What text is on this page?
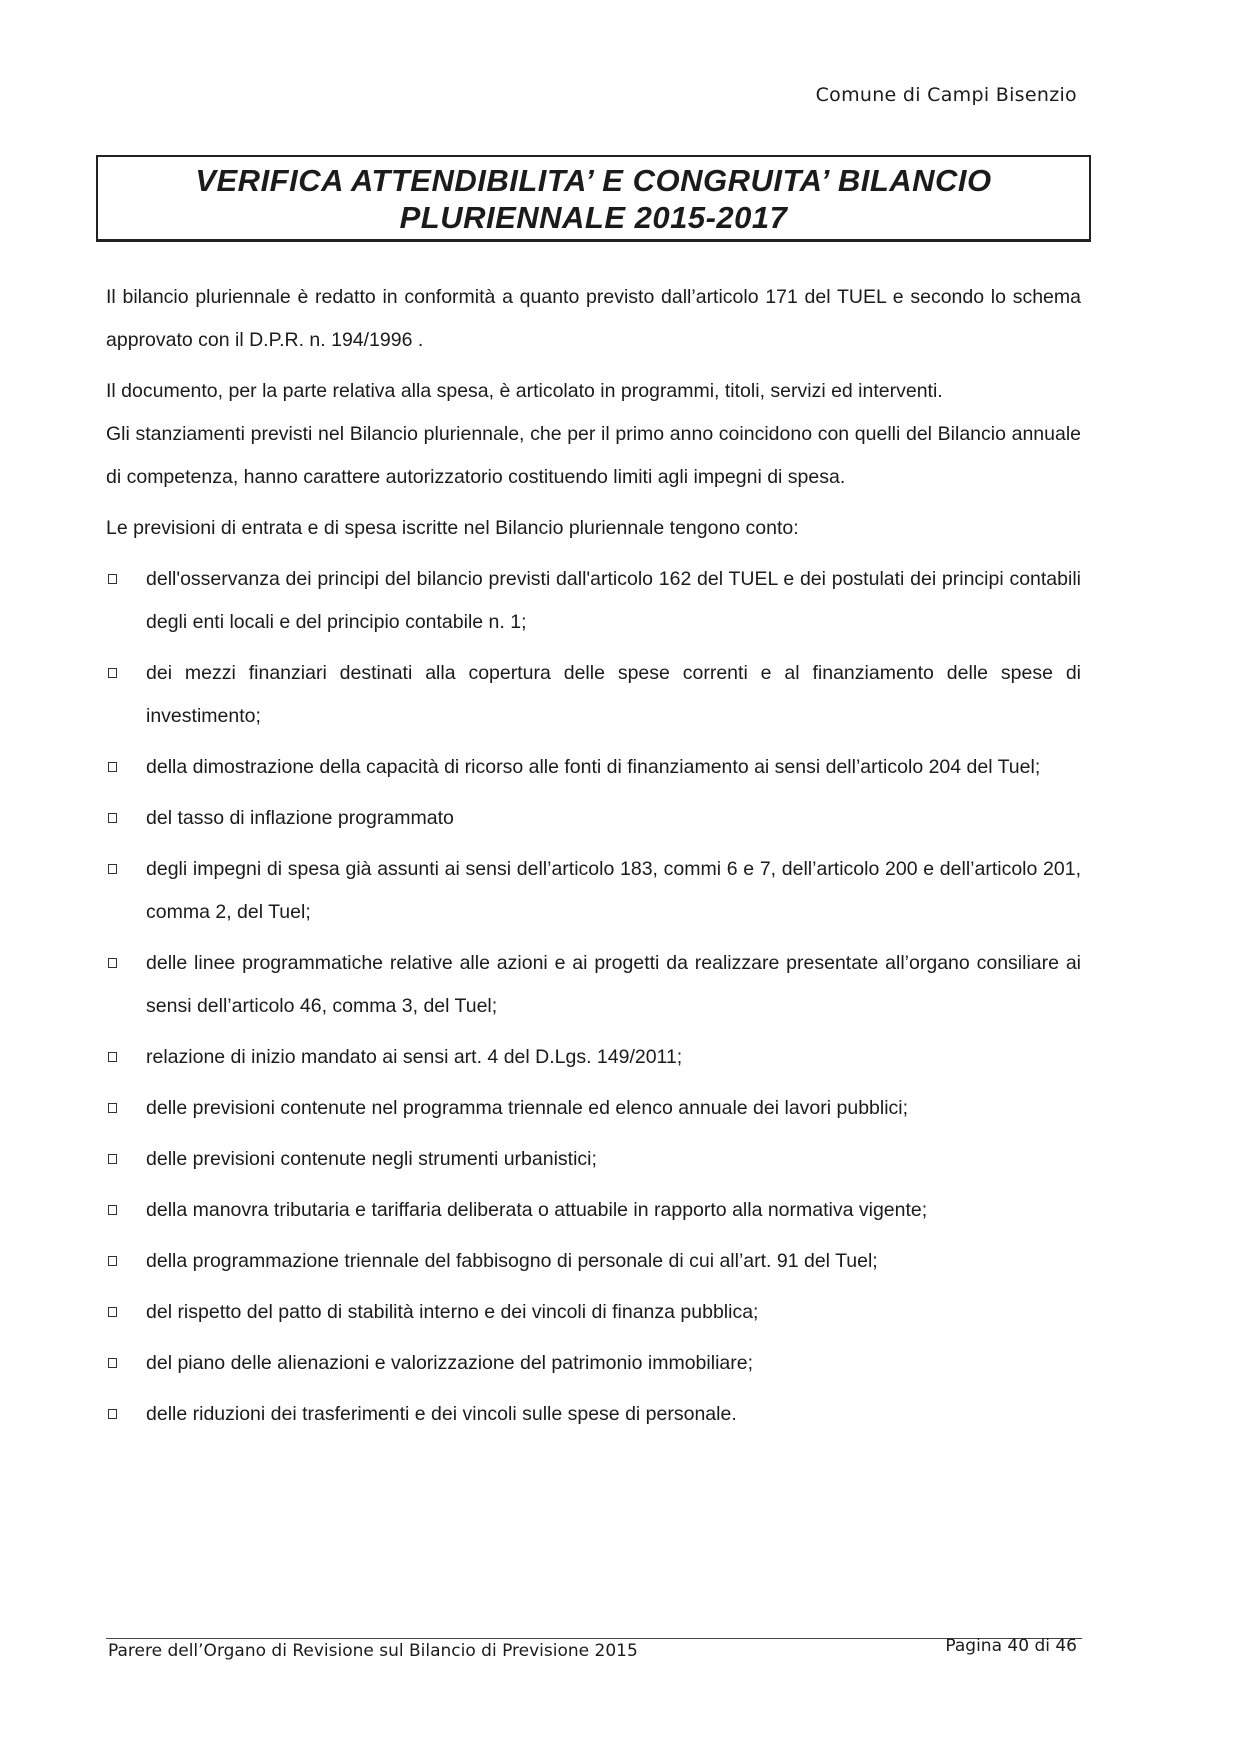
Comune di Campi Bisenzio
VERIFICA ATTENDIBILITA’ E CONGRUITA’ BILANCIO
PLURIENNALE 2015-2017

Il bilancio pluriennale è redatto in conformità a quanto previsto dall’articolo 171 del TUEL e secondo lo schema approvato con il D.P.R. n. 194/1996 .

Il documento, per la parte relativa alla spesa, è articolato in programmi, titoli, servizi ed interventi.

Gli stanziamenti previsti nel Bilancio pluriennale, che per il primo anno coincidono con quelli del Bilancio annuale di competenza, hanno carattere autorizzatorio costituendo limiti agli impegni di spesa.

Le previsioni di entrata e di spesa iscritte nel Bilancio pluriennale tengono conto:

dell'osservanza dei principi del bilancio previsti dall'articolo 162 del TUEL e dei postulati dei principi contabili degli enti locali e del principio contabile n. 1;
dei mezzi finanziari destinati alla copertura delle spese correnti e al finanziamento delle spese di investimento;
della dimostrazione della capacità di ricorso alle fonti di finanziamento ai sensi dell’articolo 204 del Tuel;
del tasso di inflazione programmato
degli impegni di spesa già assunti ai sensi dell’articolo 183, commi 6 e 7, dell’articolo 200 e dell’articolo 201, comma 2, del Tuel;
delle linee programmatiche relative alle azioni e ai progetti da realizzare presentate all’organo consiliare ai sensi dell’articolo 46, comma 3, del Tuel;
relazione di inizio mandato ai sensi art. 4 del D.Lgs. 149/2011;
delle previsioni contenute nel programma triennale ed elenco annuale dei lavori pubblici;
delle previsioni contenute negli strumenti urbanistici;
della manovra tributaria e tariffaria deliberata o attuabile in rapporto alla normativa vigente;
della programmazione triennale del fabbisogno di personale di cui all’art. 91 del Tuel;
del rispetto del patto di stabilità interno e dei vincoli di finanza pubblica;
del piano delle alienazioni e valorizzazione del patrimonio immobiliare;
delle riduzioni dei trasferimenti e dei vincoli sulle spese di personale.
Parere dell’Organo di Revisione sul Bilancio di Previsione 2015	Pagina 40 di 46
